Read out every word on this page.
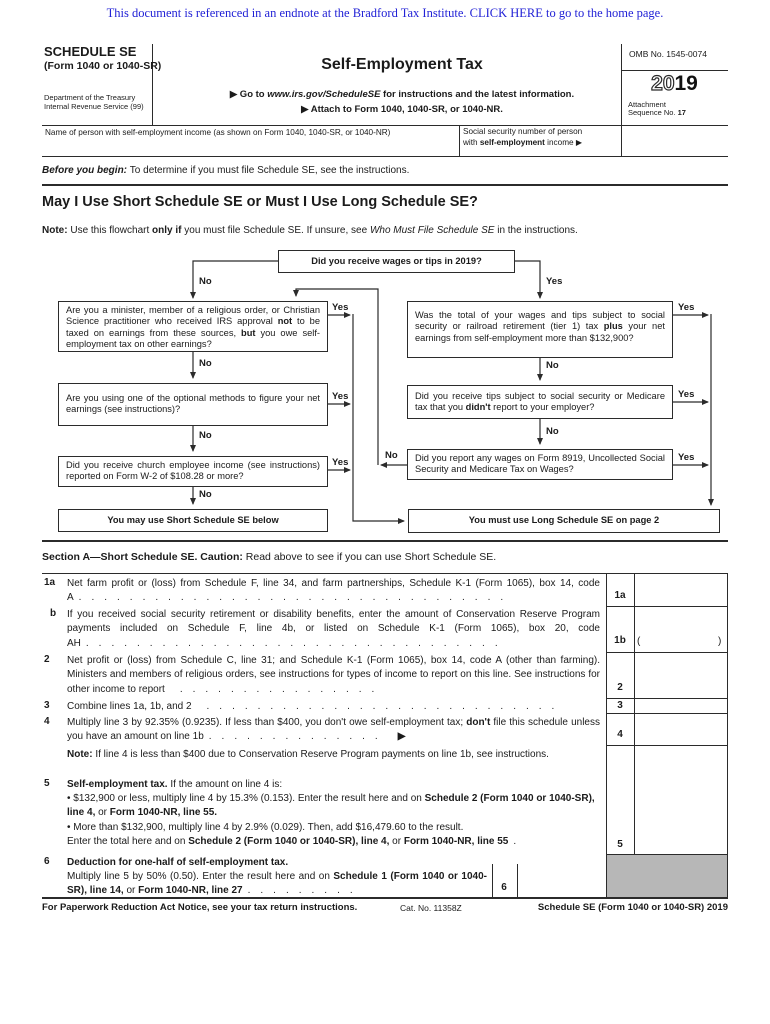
This document is referenced in an endnote at the Bradford Tax Institute. CLICK HERE to go to the home page.
SCHEDULE SE
(Form 1040 or 1040-SR)
Department of the Treasury
Internal Revenue Service (99)
Self-Employment Tax
▶ Go to www.irs.gov/ScheduleSE for instructions and the latest information.
▶ Attach to Form 1040, 1040-SR, or 1040-NR.
OMB No. 1545-0074
2019
Attachment
Sequence No. 17
Name of person with self-employment income (as shown on Form 1040, 1040-SR, or 1040-NR)	Social security number of person
with self-employment income ▶
Before you begin: To determine if you must file Schedule SE, see the instructions.
May I Use Short Schedule SE or Must I Use Long Schedule SE?
Note: Use this flowchart only if you must file Schedule SE. If unsure, see Who Must File Schedule SE in the instructions.
Did you receive wages or tips in 2019?
Are you a minister, member of a religious order, or Christian Science practitioner who received IRS approval not to be taxed on earnings from these sources, but you owe self-employment tax on other earnings?
Are you using one of the optional methods to figure your net earnings (see instructions)?
Did you receive church employee income (see instructions) reported on Form W-2 of $108.28 or more?
You may use Short Schedule SE below
Was the total of your wages and tips subject to social security or railroad retirement (tier 1) tax plus your net earnings from self-employment more than $132,900?
Did you receive tips subject to social security or Medicare tax that you didn't report to your employer?
Did you report any wages on Form 8919, Uncollected Social Security and Medicare Tax on Wages?
You must use Long Schedule SE on page 2
No	Yes
Yes
No
Yes
No
Yes
No
Yes
No
Yes
No
Yes
No
Section A—Short Schedule SE. Caution: Read above to see if you can use Short Schedule SE.
1a Net farm profit or (loss) from Schedule F, line 34, and farm partnerships, Schedule K-1 (Form 1065), box 14, code A . . . . . . . . . . . . . . . . . . . . . . . . . . . . . . . . . .	1a
b If you received social security retirement or disability benefits, enter the amount of Conservation Reserve Program payments included on Schedule F, line 4b, or listed on Schedule K-1 (Form 1065), box 20, code AH . . . . . . . . . . . . . . . . . . . . . . . . . . . . . . . . .	1b	(	)
2 Net profit or (loss) from Schedule C, line 31; and Schedule K-1 (Form 1065), box 14, code A (other than farming). Ministers and members of religious orders, see instructions for types of income to report on this line. See instructions for other income to report  . . . . . . . . . . . . . . . .	2
3 Combine lines 1a, 1b, and 2  . . . . . . . . . . . . . . . . . . . . . . . . . . . .	3
4 Multiply line 3 by 92.35% (0.9235). If less than $400, you don't owe self-employment tax; don't file this schedule unless you have an amount on line 1b . . . . . . . . . . . . . .  ▶	4
Note: If line 4 is less than $400 due to Conservation Reserve Program payments on line 1b, see instructions.
5 Self-employment tax. If the amount on line 4 is:
• $132,900 or less, multiply line 4 by 15.3% (0.153). Enter the result here and on Schedule 2 (Form 1040 or 1040-SR), line 4, or Form 1040-NR, line 55.
• More than $132,900, multiply line 4 by 2.9% (0.029). Then, add $16,479.60 to the result.
Enter the total here and on Schedule 2 (Form 1040 or 1040-SR), line 4, or Form 1040-NR, line 55 .	5
6 Deduction for one-half of self-employment tax.
Multiply line 5 by 50% (0.50). Enter the result here and on Schedule 1 (Form 1040 or 1040-SR), line 14, or Form 1040-NR, line 27 . . . . . . . . .	6
For Paperwork Reduction Act Notice, see your tax return instructions.	Cat. No. 11358Z	Schedule SE (Form 1040 or 1040-SR) 2019
